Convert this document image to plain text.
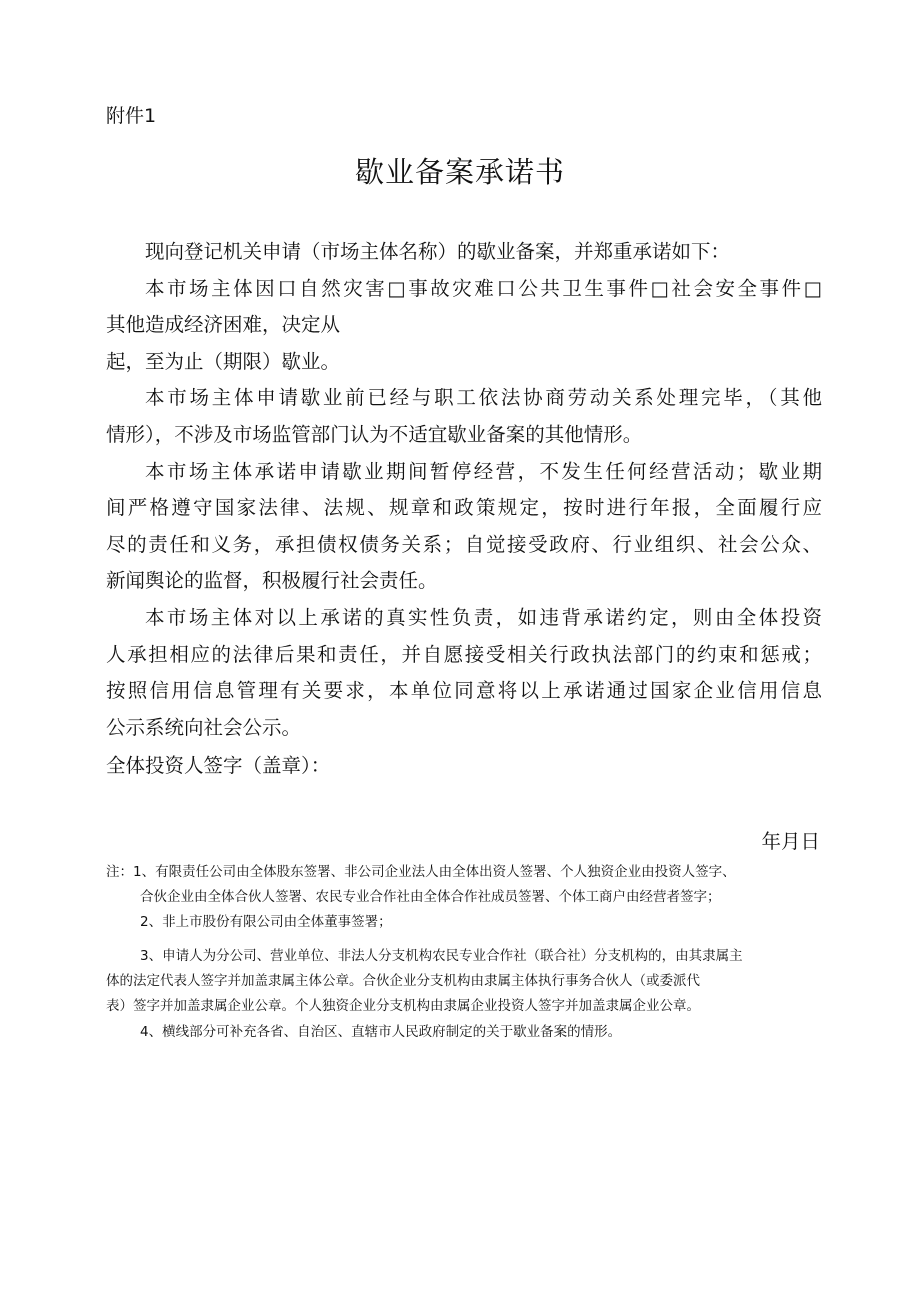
附件1
歇业备案承诺书
现向登记机关申请（市场主体名称）的歇业备案，并郑重承诺如下：
本市场主体因口自然灾害□事故灾难口公共卫生事件□社会安全事件□
其他造成经济困难，决定从
起，至为止（期限）歇业。
本市场主体申请歇业前已经与职工依法协商劳动关系处理完毕，（其他
情形），不涉及市场监管部门认为不适宜歇业备案的其他情形。
本市场主体承诺申请歇业期间暂停经营，不发生任何经营活动；歇业期
间严格遵守国家法律、法规、规章和政策规定，按时进行年报，全面履行应
尽的责任和义务，承担债权债务关系；自觉接受政府、行业组织、社会公众、
新闻舆论的监督，积极履行社会责任。
本市场主体对以上承诺的真实性负责，如违背承诺约定，则由全体投资
人承担相应的法律后果和责任，并自愿接受相关行政执法部门的约束和惩戒；
按照信用信息管理有关要求，本单位同意将以上承诺通过国家企业信用信息
公示系统向社会公示。
全体投资人签字（盖章）：
年月日
注：1、有限责任公司由全体股东签署、非公司企业法人由全体出资人签署、个人独资企业由投资人签字、
合伙企业由全体合伙人签署、农民专业合作社由全体合作社成员签署、个体工商户由经营者签字；
2、非上市股份有限公司由全体董事签署；
3、申请人为分公司、营业单位、非法人分支机构农民专业合作社（联合社）分支机构的，由其隶属主
体的法定代表人签字并加盖隶属主体公章。合伙企业分支机构由隶属主体执行事务合伙人（或委派代
表）签字并加盖隶属企业公章。个人独资企业分支机构由隶属企业投资人签字并加盖隶属企业公章。
4、横线部分可补充各省、自治区、直辖市人民政府制定的关于歇业备案的情形。
